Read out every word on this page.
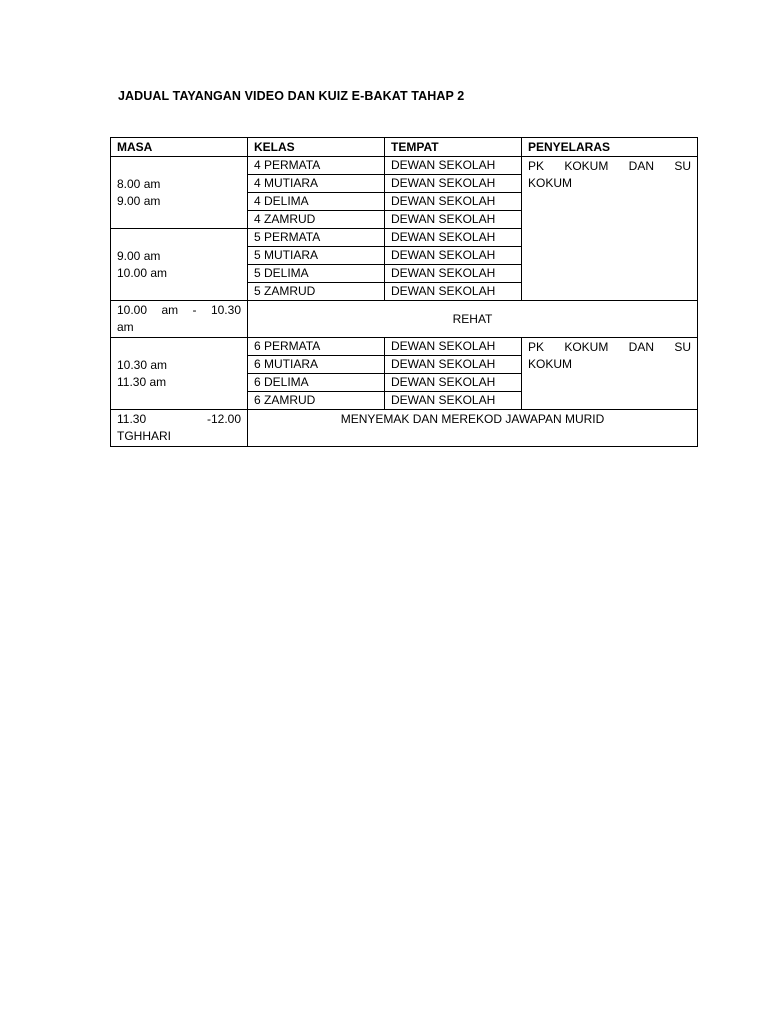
JADUAL TAYANGAN VIDEO DAN KUIZ E-BAKAT TAHAP 2
MASA	KELAS	TEMPAT	PENYELARAS

8.00 am
9.00 am	4 PERMATA	DEWAN SEKOLAH	PK KOKUM DAN SU
KOKUM
	4 MUTIARA	DEWAN SEKOLAH	
	4 DELIMA	DEWAN SEKOLAH	
	4 ZAMRUD	DEWAN SEKOLAH	

9.00 am
10.00 am	5 PERMATA	DEWAN SEKOLAH	
	5 MUTIARA	DEWAN SEKOLAH	
	5 DELIMA	DEWAN SEKOLAH	
	5 ZAMRUD	DEWAN SEKOLAH	

10.00 am - 10.30
am	REHAT		

10.30 am
11.30 am	6 PERMATA	DEWAN SEKOLAH	PK KOKUM DAN SU
KOKUM
	6 MUTIARA	DEWAN SEKOLAH	
	6 DELIMA	DEWAN SEKOLAH	
	6 ZAMRUD	DEWAN SEKOLAH	

11.30 -12.00
TGHHARI	MENYEMAK DAN MEREKOD JAWAPAN MURID		
